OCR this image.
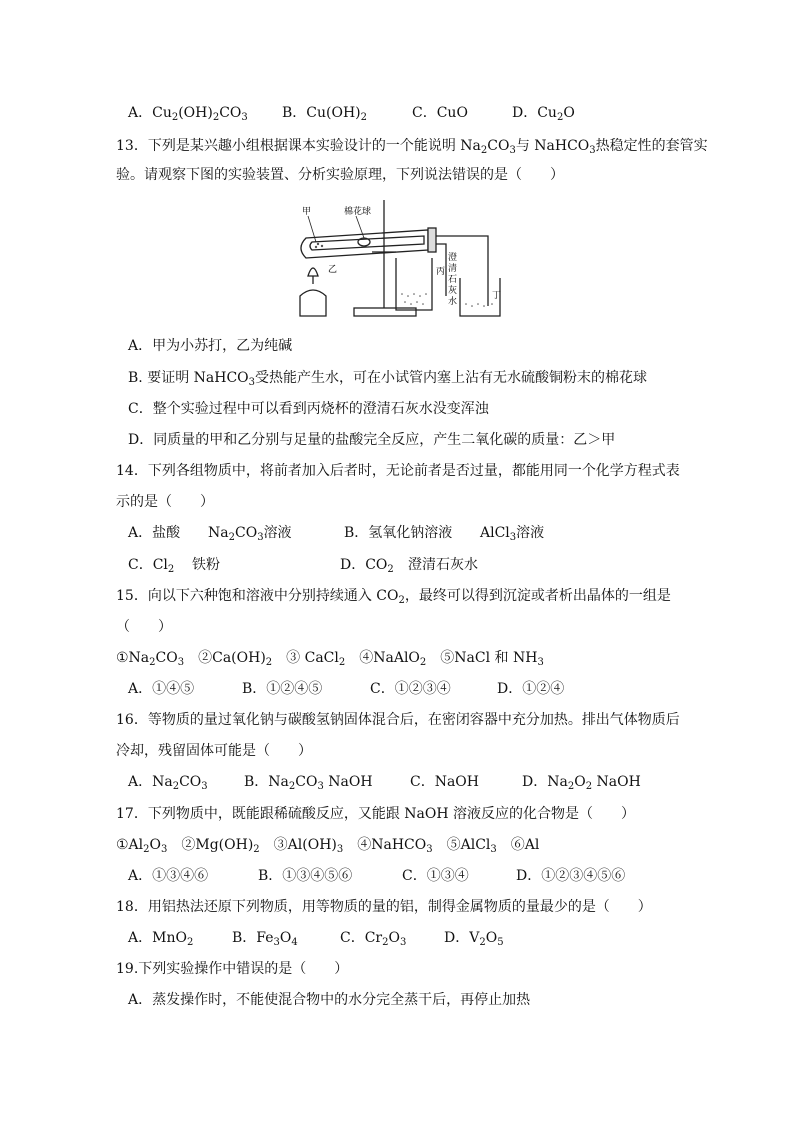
A．$Cu_2(OH)_2CO_3$ B．$Cu(OH)_2$	C．CuO	D．$Cu_2O$
13．下列是某兴趣小组根据课本实验设计的一个能说明 $Na_2CO_3$与 NaHCO$_3$热稳定性的套管实
验。请观察下图的实验装置、分析实验原理，下列说法错误的是（　　）
甲	棉花球
乙	丙
澄
清
石
灰
水
丁
A．甲为小苏打，乙为纯碱
B. 要证明 NaHCO$_3$受热能产生水，可在小试管内塞上沾有无水硫酸铜粉末的棉花球
C．整个实验过程中可以看到丙烧杯的澄清石灰水没变浑浊
D．同质量的甲和乙分别与足量的盐酸完全反应，产生二氧化碳的质量：乙＞甲
14．下列各组物质中，将前者加入后者时，无论前者是否过量，都能用同一个化学方程式表
示的是（　　）
A．盐酸 $Na_2CO_3$溶液	B．氢氧化钠溶液 AlCl$_3$溶液
C．$Cl_2$ 铁粉	D．$CO_2$ 澄清石灰水
15．向以下六种饱和溶液中分别持续通入 $CO_2$，最终可以得到沉淀或者析出晶体的一组是
（　　）
$①Na_2CO_3$　$②Ca(OH)_2$　③ CaCl$_2$　④NaAlO$_2$　⑤NaCl 和 $NH_3$
A．①④⑤	B．①②④⑤	C．①②③④	D．①②④
16．等物质的量过氧化钠与碳酸氢钠固体混合后，在密闭容器中充分加热。排出气体物质后
冷却，残留固体可能是（　　）
A．$Na_2CO_3$	B．$Na_2CO_3$ NaOH	C．NaOH	D．$Na_2O_2$ NaOH
17．下列物质中，既能跟稀硫酸反应，又能跟 NaOH 溶液反应的化合物是（　　）
$①Al_2O_3$　$②Mg(OH)_2$　$③Al(OH)_3$　④NaHCO$_3$　⑤AlCl$_3$　⑥Al
A．①③④⑥	B．①③④⑤⑥	C．①③④	D．①②③④⑤⑥
18．用铝热法还原下列物质，用等物质的量的铝，制得金属物质的量最少的是（　　）
A．MnO$_2$	B．$Fe_3O_4$	C．$Cr_2O_3$	D．$V_2O_5$
19.下列实验操作中错误的是（　　）
A．蒸发操作时，不能使混合物中的水分完全蒸干后，再停止加热
